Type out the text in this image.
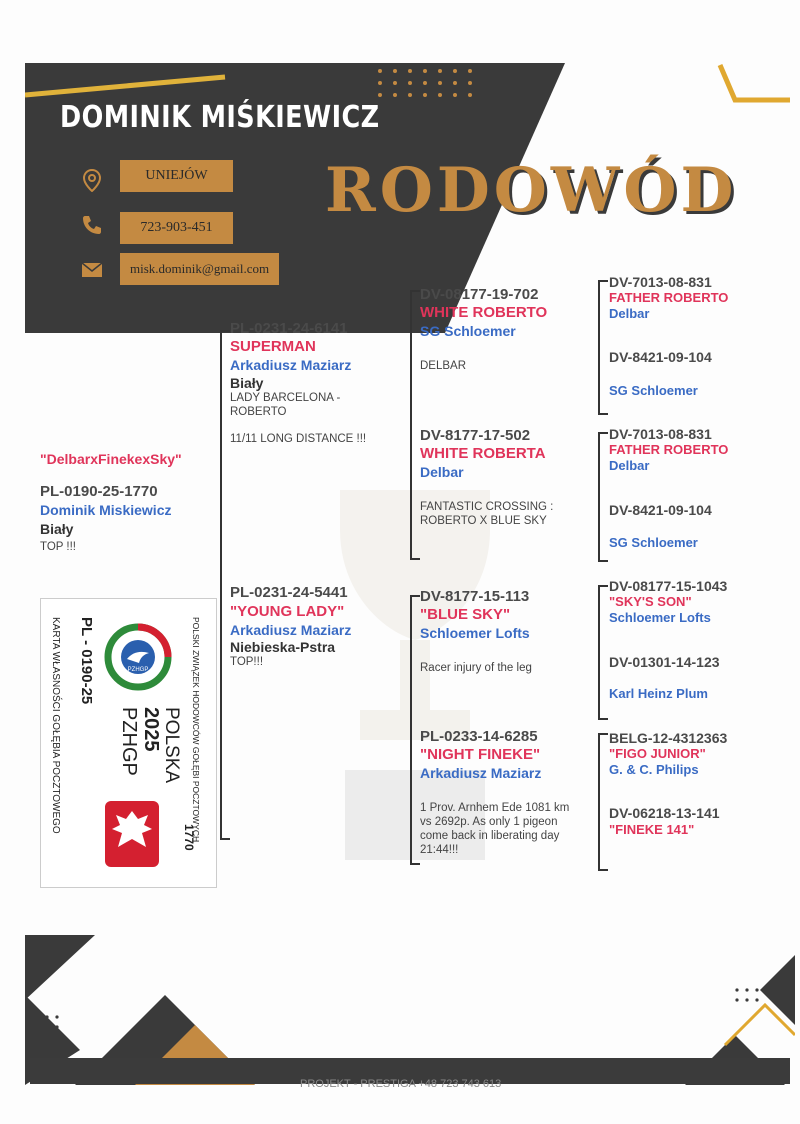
DOMINIK MIŚKIEWICZ
UNIEJÓW
723-903-451
misk.dominik@gmail.com
RODOWÓD
"DelbarxFinekexSky"
PL-0190-25-1770
Dominik Miskiewicz
Biały
TOP !!!
POLSKI ZWIĄZEK HODOWCÓW GOŁĘBI POCZTOWYCH
POLSKA
2025
PZHGP
PL - 0190-25
1770
KARTA WŁASNOŚCI GOŁĘBIA POCZTOWEGO	PZHGP
PL-0231-24-6141
SUPERMAN
Arkadiusz Maziarz
Biały
LADY BARCELONA - ROBERTO
11/11 LONG DISTANCE !!!
PL-0231-24-5441
"YOUNG LADY"
Arkadiusz Maziarz
Niebieska-Pstra
TOP!!!
DV-08177-19-702
WHITE ROBERTO
SG Schloemer
DELBAR
DV-8177-17-502
WHITE ROBERTA
Delbar
FANTASTIC CROSSING : ROBERTO X BLUE SKY
DV-8177-15-113
"BLUE SKY"
Schloemer Lofts
Racer injury of the leg
PL-0233-14-6285
"NIGHT FINEKE"
Arkadiusz Maziarz
1 Prov. Arnhem Ede 1081 km vs 2692p. As only 1 pigeon come back in liberating day 21:44!!!
DV-7013-08-831
FATHER ROBERTO
Delbar
DV-8421-09-104
SG Schloemer
DV-7013-08-831
FATHER ROBERTO
Delbar
DV-8421-09-104
SG Schloemer
DV-08177-15-1043
"SKY'S SON"
Schloemer Lofts
DV-01301-14-123
Karl Heinz Plum
BELG-12-4312363
"FIGO JUNIOR"
G. & C. Philips
DV-06218-13-141
"FINEKE 141"
PROJEKT - PRESTIGA +48 723 743 613
